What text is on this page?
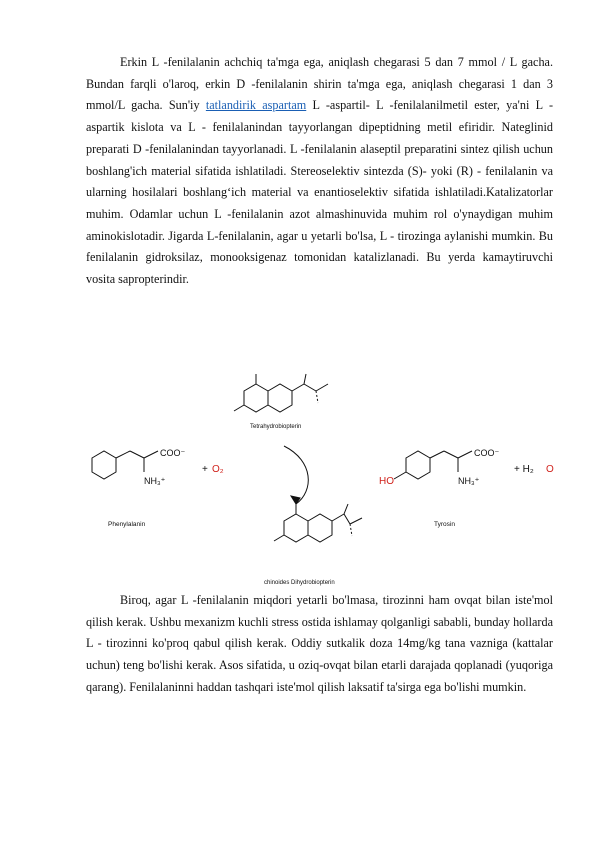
Erkin L -fenilalanin achchiq ta'mga ega, aniqlash chegarasi 5 dan 7 mmol / L gacha. Bundan farqli o'laroq, erkin D -fenilalanin shirin ta'mga ega, aniqlash chegarasi 1 dan 3 mmol/L gacha. Sun'iy tatlandirik aspartam L -aspartil- L -fenilalanilmetil ester, ya'ni L - aspartik kislota va L - fenilalanindan tayyorlangan dipeptidning metil efiridir. Nateglinid preparati D -fenilalanindan tayyorlanadi. L -fenilalanin alaseptil preparatini sintez qilish uchun boshlang'ich material sifatida ishlatiladi. Stereoselektiv sintezda (S)- yoki (R) - fenilalanin va ularning hosilalari boshlangʻich material va enantioselektiv sifatida ishlatiladi.Katalizatorlar muhim. Odamlar uchun L -fenilalanin azot almashinuvida muhim rol o'ynaydigan muhim aminokislotadir. Jigarda L-fenilalanin, agar u yetarli bo'lsa, L - tirozinga aylanishi mumkin. Bu fenilalanin gidroksilaz, monooksigenaz tomonidan katalizlanadi. Bu yerda kamaytiruvchi vosita sapropterindir.

Tetrahydrobiopterin
chinoides Dihydrobiopterin
Phenylalanin	Tyrosin
COO⁻
NH₃⁺
COO⁻
NH₃⁺
HO
+ O₂	+ H₂ O

Biroq, agar L -fenilalanin miqdori yetarli bo'lmasa, tirozinni ham ovqat bilan iste'mol qilish kerak. Ushbu mexanizm kuchli stress ostida ishlamay qolganligi sababli, bunday hollarda L - tirozinni ko'proq qabul qilish kerak. Oddiy sutkalik doza 14mg/kg tana vazniga (kattalar uchun) teng bo'lishi kerak. Asos sifatida, u oziq-ovqat bilan etarli darajada qoplanadi (yuqoriga qarang). Fenilalaninni haddan tashqari iste'mol qilish laksatif ta'sirga ega bo'lishi mumkin.
